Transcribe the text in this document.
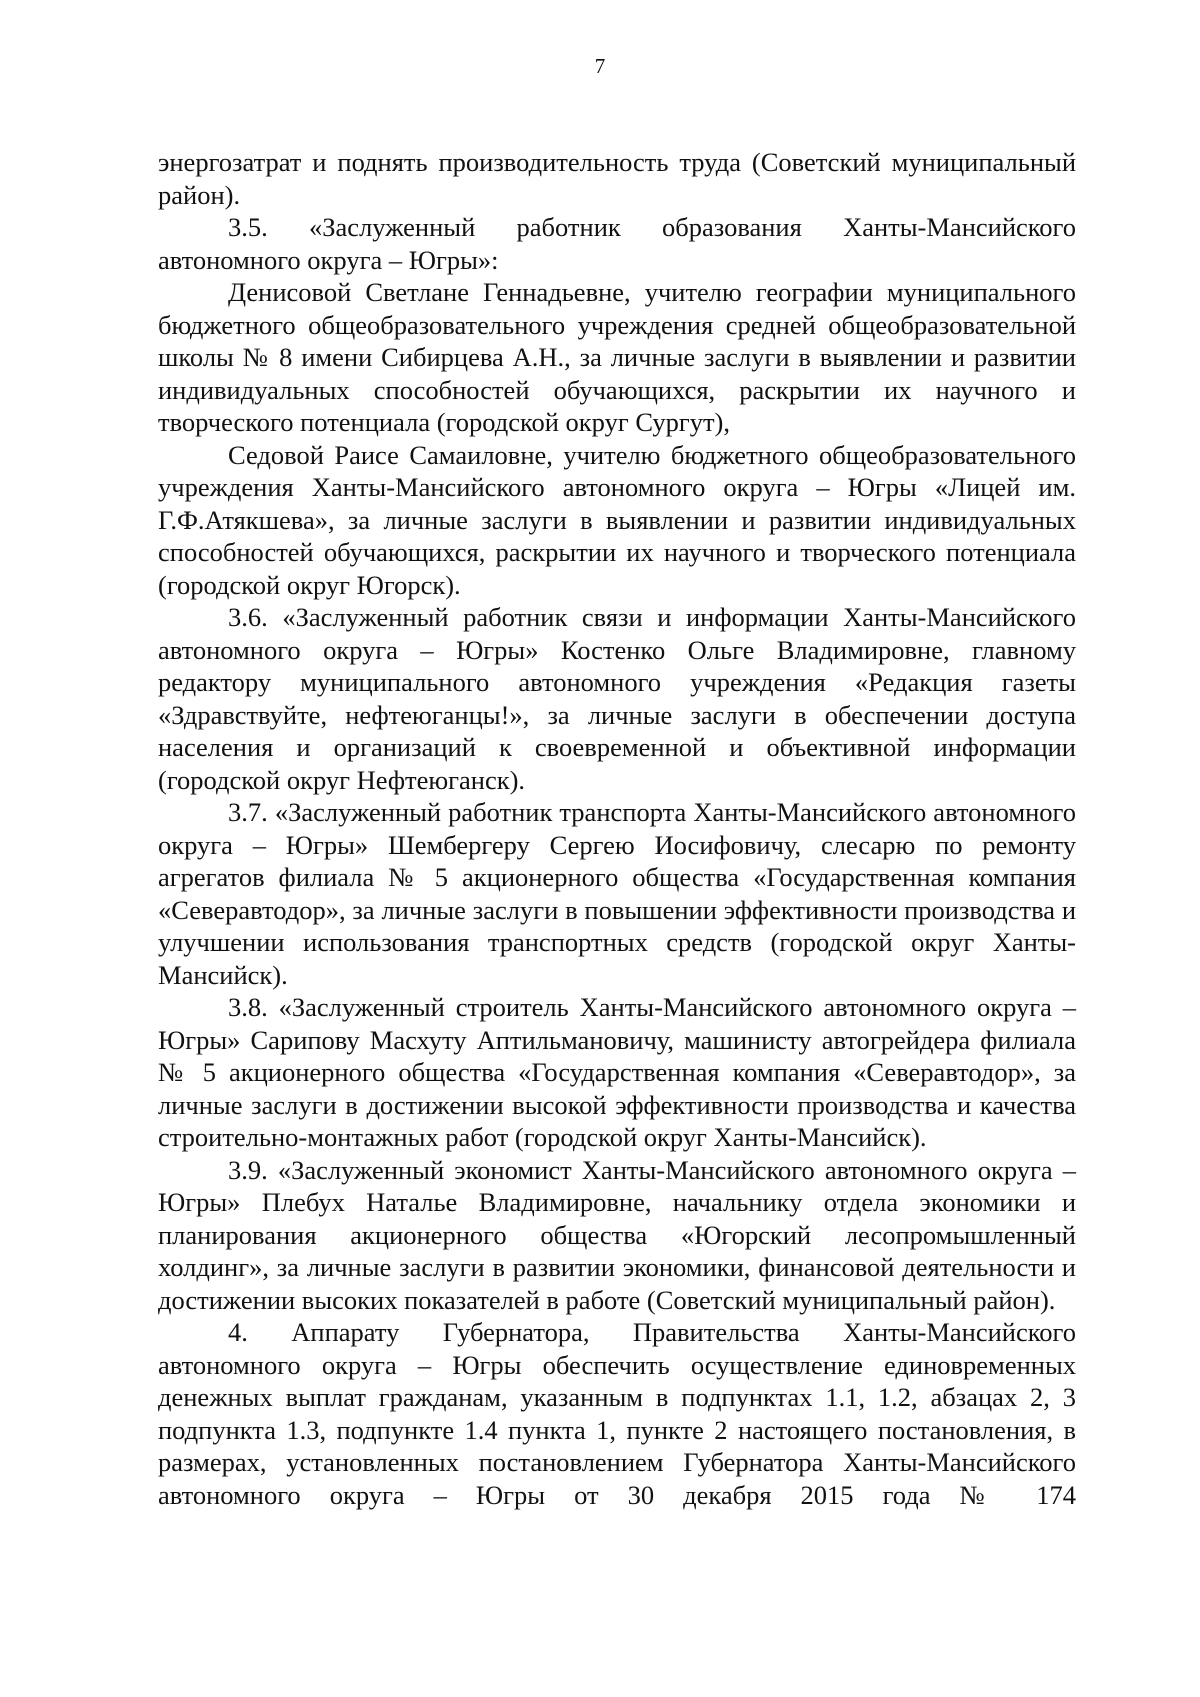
7

энергозатрат и поднять производительность труда (Советский муниципальный район).

3.5. «Заслуженный работник образования Ханты-Мансийского автономного округа – Югры»:

Денисовой Светлане Геннадьевне, учителю географии муниципального бюджетного общеобразовательного учреждения средней общеобразовательной школы № 8 имени Сибирцева А.Н., за личные заслуги в выявлении и развитии индивидуальных способностей обучающихся, раскрытии их научного и творческого потенциала (городской округ Сургут),

Седовой Раисе Самаиловне, учителю бюджетного общеобразовательного учреждения Ханты-Мансийского автономного округа – Югры «Лицей им. Г.Ф.Атякшева», за личные заслуги в выявлении и развитии индивидуальных способностей обучающихся, раскрытии их научного и творческого потенциала (городской округ Югорск).

3.6. «Заслуженный работник связи и информации Ханты-Мансийского автономного округа – Югры» Костенко Ольге Владимировне, главному редактору муниципального автономного учреждения «Редакция газеты «Здравствуйте, нефтеюганцы!», за личные заслуги в обеспечении доступа населения и организаций к своевременной и объективной информации (городской округ Нефтеюганск).

3.7. «Заслуженный работник транспорта Ханты-Мансийского автономного округа – Югры» Шембергеру Сергею Иосифовичу, слесарю по ремонту агрегатов филиала № 5 акционерного общества «Государственная компания «Северавтодор», за личные заслуги в повышении эффективности производства и улучшении использования транспортных средств (городской округ Ханты-Мансийск).

3.8. «Заслуженный строитель Ханты-Мансийского автономного округа – Югры» Сарипову Масхуту Аптильмановичу, машинисту автогрейдера филиала № 5 акционерного общества «Государственная компания «Северавтодор», за личные заслуги в достижении высокой эффективности производства и качества строительно-монтажных работ (городской округ Ханты-Мансийск).

3.9. «Заслуженный экономист Ханты-Мансийского автономного округа – Югры» Плебух Наталье Владимировне, начальнику отдела экономики и планирования акционерного общества «Югорский лесопромышленный холдинг», за личные заслуги в развитии экономики, финансовой деятельности и достижении высоких показателей в работе (Советский муниципальный район).

4. Аппарату Губернатора, Правительства Ханты-Мансийского автономного округа – Югры обеспечить осуществление единовременных денежных выплат гражданам, указанным в подпунктах 1.1, 1.2, абзацах 2, 3 подпункта 1.3, подпункте 1.4 пункта 1, пункте 2 настоящего постановления, в размерах, установленных постановлением Губернатора Ханты-Мансийского автономного округа – Югры от 30 декабря 2015 года № 174
